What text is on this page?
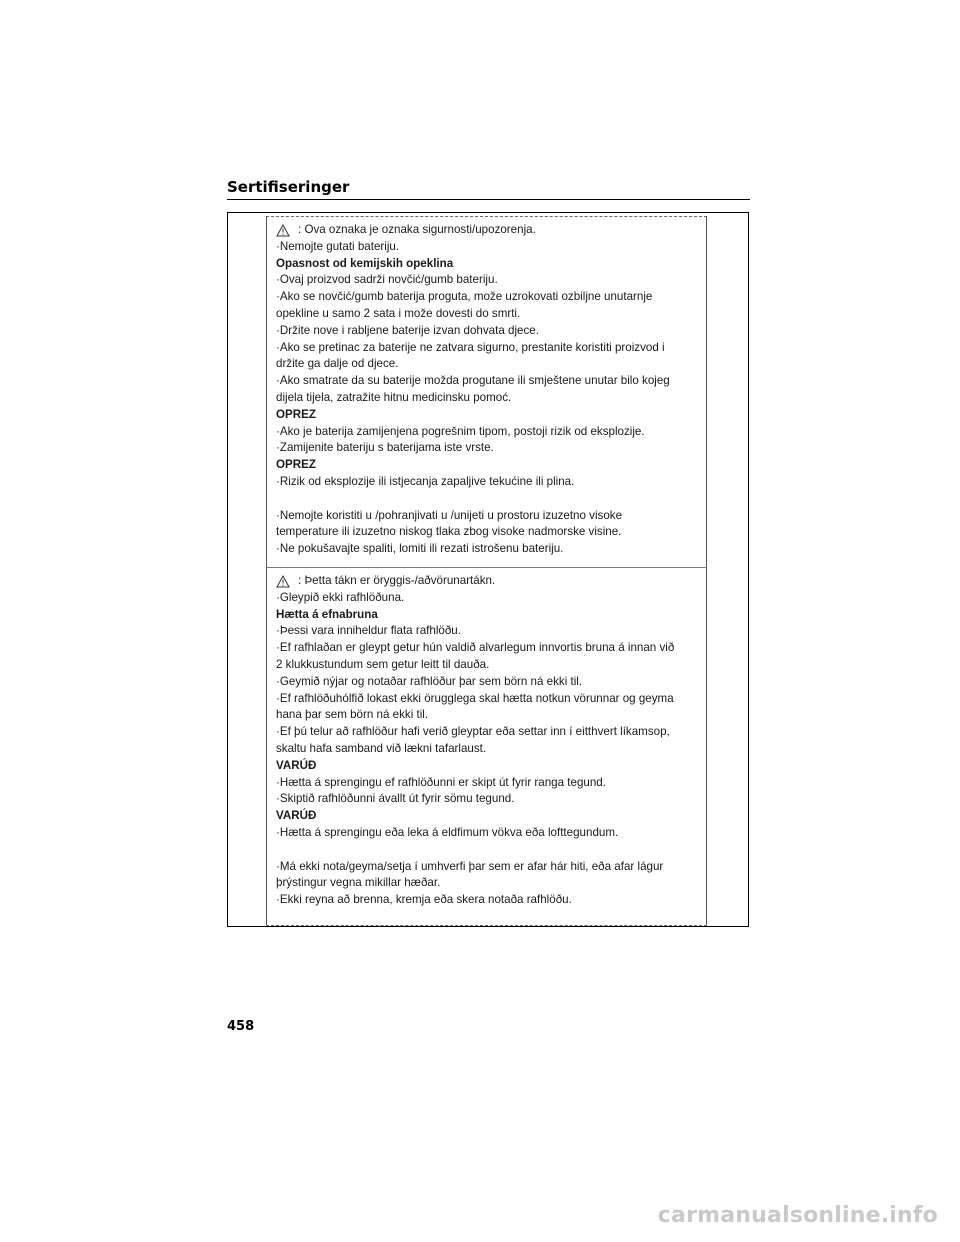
Sertifiseringer
: Ova oznaka je oznaka sigurnosti/upozorenja.
·Nemojte gutati bateriju.
Opasnost od kemijskih opeklina
·Ovaj proizvod sadrži novčić/gumb bateriju.
·Ako se novčić/gumb baterija proguta, može uzrokovati ozbiljne unutarnje
opekline u samo 2 sata i može dovesti do smrti.
·Držite nove i rabljene baterije izvan dohvata djece.
·Ako se pretinac za baterije ne zatvara sigurno, prestanite koristiti proizvod i
držite ga dalje od djece.
·Ako smatrate da su baterije možda progutane ili smještene unutar bilo kojeg
dijela tijela, zatražite hitnu medicinsku pomoć.
OPREZ
·Ako je baterija zamijenjena pogrešnim tipom, postoji rizik od eksplozije.
·Zamijenite bateriju s baterijama iste vrste.
OPREZ
·Rizik od eksplozije ili istjecanja zapaljive tekućine ili plina.
·Nemojte koristiti u /pohranjivati u /unijeti u prostoru izuzetno visoke
temperature ili izuzetno niskog tlaka zbog visoke nadmorske visine.
·Ne pokušavajte spaliti, lomiti ili rezati istrošenu bateriju.
: Þetta tákn er öryggis-/aðvörunartákn.
·Gleypið ekki rafhlöðuna.
Hætta á efnabruna
·Þessi vara inniheldur flata rafhlöðu.
·Ef rafhlaðan er gleypt getur hún valdið alvarlegum innvortis bruna á innan við
2 klukkustundum sem getur leitt til dauða.
·Geymið nýjar og notaðar rafhlöður þar sem börn ná ekki til.
·Ef rafhlöðuhólfið lokast ekki örugglega skal hætta notkun vörunnar og geyma
hana þar sem börn ná ekki til.
·Ef þú telur að rafhlöður hafi verið gleyptar eða settar inn í eitthvert líkamsop,
skaltu hafa samband við lækni tafarlaust.
VARÚÐ
·Hætta á sprengingu ef rafhlöðunni er skipt út fyrir ranga tegund.
·Skiptið rafhlöðunni ávallt út fyrir sömu tegund.
VARÚÐ
·Hætta á sprengingu eða leka á eldfimum vökva eða lofttegundum.
·Má ekki nota/geyma/setja í umhverfi þar sem er afar hár hiti, eða afar lágur
þrýstingur vegna mikillar hæðar.
·Ekki reyna að brenna, kremja eða skera notaða rafhlöðu.
458
carmanualsonline.info
